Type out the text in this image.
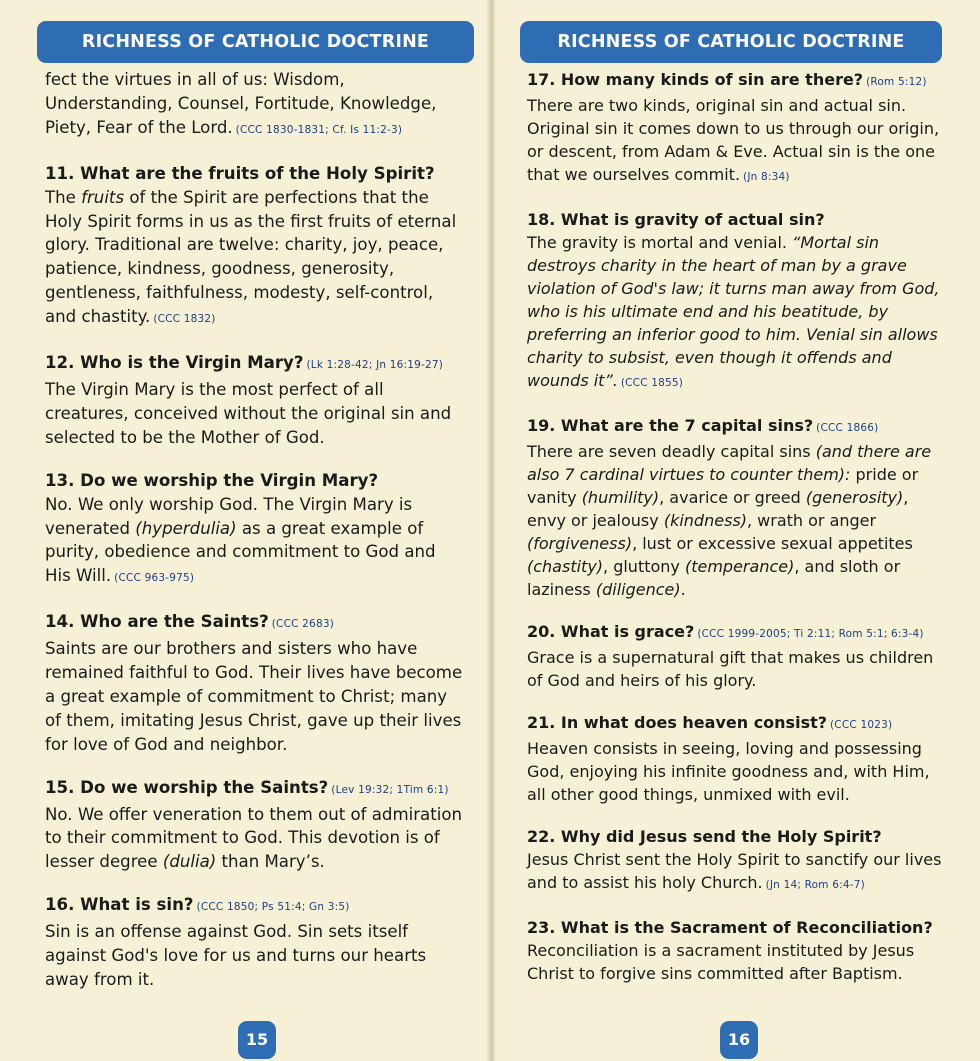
RICHNESS OF CATHOLIC DOCTRINE

fect the virtues in all of us: Wisdom, Understanding, Counsel, Fortitude, Knowledge, Piety, Fear of the Lord. (CCC 1830-1831; Cf. Is 11:2-3)

11. What are the fruits of the Holy Spirit?

The fruits of the Spirit are perfections that the Holy Spirit forms in us as the first fruits of eternal glory. Traditional are twelve: charity, joy, peace, patience, kindness, goodness, generosity, gentleness, faithfulness, modesty, self-control, and chastity. (CCC 1832)

12. Who is the Virgin Mary? (Lk 1:28-42; Jn 16:19-27)

The Virgin Mary is the most perfect of all creatures, conceived without the original sin and selected to be the Mother of God.

13. Do we worship the Virgin Mary?

No. We only worship God. The Virgin Mary is venerated (hyperdulia) as a great example of purity, obedience and commitment to God and His Will. (CCC 963-975)

14. Who are the Saints? (CCC 2683)

Saints are our brothers and sisters who have remained faithful to God. Their lives have become a great example of commitment to Christ; many of them, imitating Jesus Christ, gave up their lives for love of God and neighbor.

15. Do we worship the Saints? (Lev 19:32; 1Tim 6:1)

No. We offer veneration to them out of admiration to their commitment to God. This devotion is of lesser degree (dulia) than Mary’s.

16. What is sin? (CCC 1850; Ps 51:4; Gn 3:5)

Sin is an offense against God. Sin sets itself against God's love for us and turns our hearts away from it.

15
RICHNESS OF CATHOLIC DOCTRINE
17. How many kinds of sin are there? (Rom 5:12)

There are two kinds, original sin and actual sin. Original sin it comes down to us through our origin, or descent, from Adam & Eve. Actual sin is the one that we ourselves commit. (Jn 8:34)

18. What is gravity of actual sin?

The gravity is mortal and venial. “Mortal sin destroys charity in the heart of man by a grave violation of God's law; it turns man away from God, who is his ultimate end and his beatitude, by preferring an inferior good to him. Venial sin allows charity to subsist, even though it offends and wounds it”. (CCC 1855)

19. What are the 7 capital sins? (CCC 1866)

There are seven deadly capital sins (and there are also 7 cardinal virtues to counter them): pride or vanity (humility), avarice or greed (generosity), envy or jealousy (kindness), wrath or anger (forgiveness), lust or excessive sexual appetites (chastity), gluttony (temperance), and sloth or laziness (diligence).

20. What is grace? (CCC 1999-2005; Ti 2:11; Rom 5:1; 6:3-4)

Grace is a supernatural gift that makes us children of God and heirs of his glory.

21. In what does heaven consist? (CCC 1023)

Heaven consists in seeing, loving and possessing God, enjoying his infinite goodness and, with Him, all other good things, unmixed with evil.

22. Why did Jesus send the Holy Spirit?

Jesus Christ sent the Holy Spirit to sanctify our lives and to assist his holy Church. (Jn 14; Rom 6:4-7)

23. What is the Sacrament of Reconciliation?

Reconciliation is a sacrament instituted by Jesus Christ to forgive sins committed after Baptism.

16
